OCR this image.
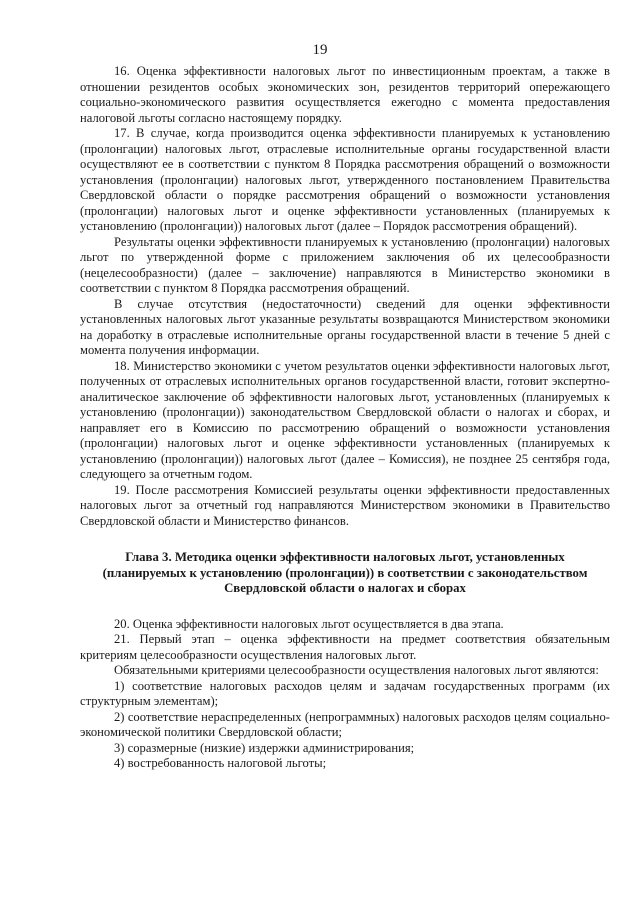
19

16. Оценка эффективности налоговых льгот по инвестиционным проектам, а также в отношении резидентов особых экономических зон, резидентов территорий опережающего социально-экономического развития осуществляется ежегодно с момента предоставления налоговой льготы согласно настоящему порядку.

17. В случае, когда производится оценка эффективности планируемых к установлению (пролонгации) налоговых льгот, отраслевые исполнительные органы государственной власти осуществляют ее в соответствии с пунктом 8 Порядка рассмотрения обращений о возможности установления (пролонгации) налоговых льгот, утвержденного постановлением Правительства Свердловской области о порядке рассмотрения обращений о возможности установления (пролонгации) налоговых льгот и оценке эффективности установленных (планируемых к установлению (пролонгации)) налоговых льгот (далее – Порядок рассмотрения обращений).

Результаты оценки эффективности планируемых к установлению (пролонгации) налоговых льгот по утвержденной форме с приложением заключения об их целесообразности (нецелесообразности) (далее – заключение) направляются в Министерство экономики в соответствии с пунктом 8 Порядка рассмотрения обращений.

В случае отсутствия (недостаточности) сведений для оценки эффективности установленных налоговых льгот указанные результаты возвращаются Министерством экономики на доработку в отраслевые исполнительные органы государственной власти в течение 5 дней с момента получения информации.

18. Министерство экономики с учетом результатов оценки эффективности налоговых льгот, полученных от отраслевых исполнительных органов государственной власти, готовит экспертно-аналитическое заключение об эффективности налоговых льгот, установленных (планируемых к установлению (пролонгации)) законодательством Свердловской области о налогах и сборах, и направляет его в Комиссию по рассмотрению обращений о возможности установления (пролонгации) налоговых льгот и оценке эффективности установленных (планируемых к установлению (пролонгации)) налоговых льгот (далее – Комиссия), не позднее 25 сентября года, следующего за отчетным годом.

19. После рассмотрения Комиссией результаты оценки эффективности предоставленных налоговых льгот за отчетный год направляются Министерством экономики в Правительство Свердловской области и Министерство финансов.

Глава 3. Методика оценки эффективности налоговых льгот, установленных (планируемых к установлению (пролонгации)) в соответствии с законодательством Свердловской области о налогах и сборах

20. Оценка эффективности налоговых льгот осуществляется в два этапа.

21. Первый этап – оценка эффективности на предмет соответствия обязательным критериям целесообразности осуществления налоговых льгот.

Обязательными критериями целесообразности осуществления налоговых льгот являются:

1) соответствие налоговых расходов целям и задачам государственных программ (их структурным элементам);

2) соответствие нераспределенных (непрограммных) налоговых расходов целям социально-экономической политики Свердловской области;

3) соразмерные (низкие) издержки администрирования;

4) востребованность налоговой льготы;
